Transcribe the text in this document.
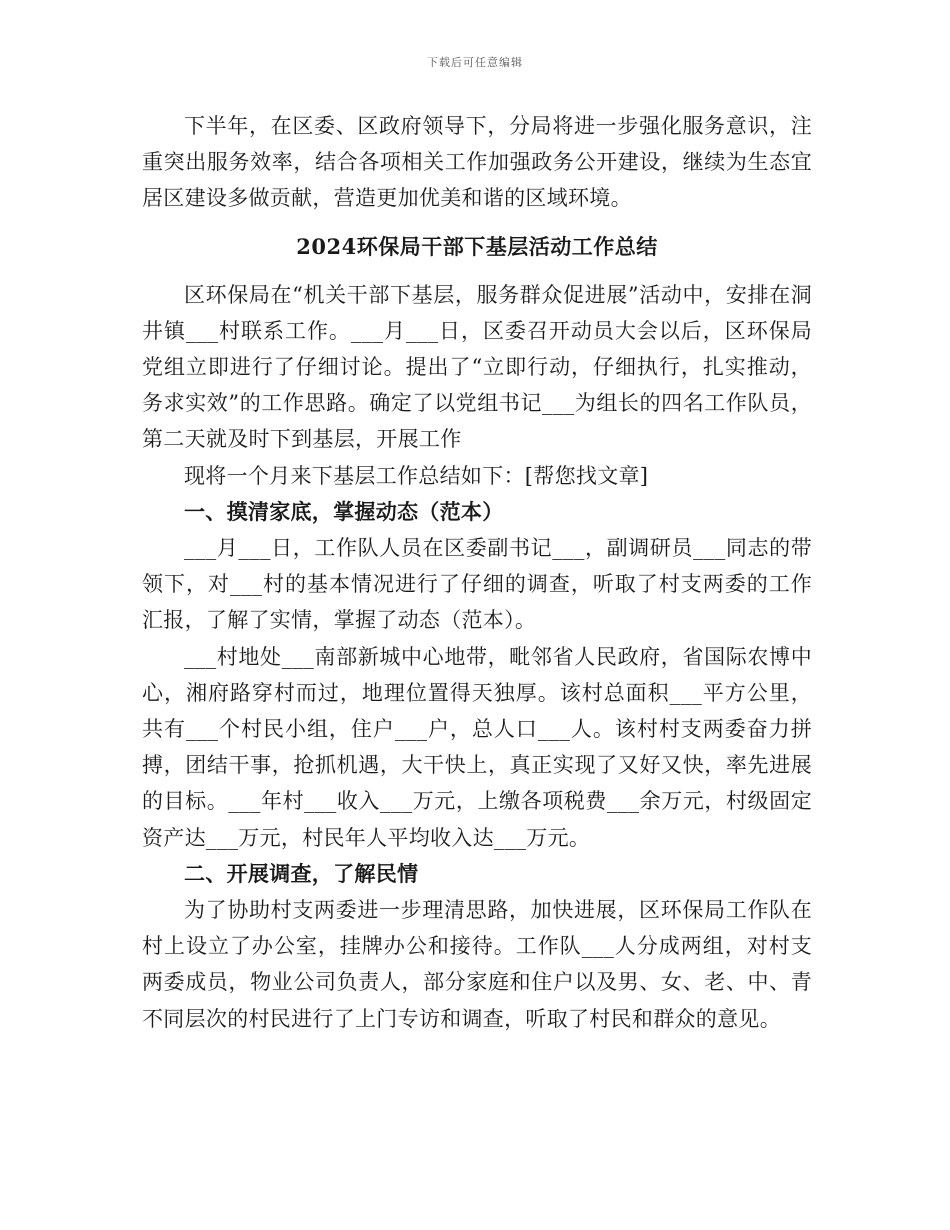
下载后可任意编辑

下半年，在区委、区政府领导下，分局将进一步强化服务意识，注重突出服务效率，结合各项相关工作加强政务公开建设，继续为生态宜居区建设多做贡献，营造更加优美和谐的区域环境。

2024环保局干部下基层活动工作总结

区环保局在“机关干部下基层，服务群众促进展”活动中，安排在洞井镇___村联系工作。___月___日，区委召开动员大会以后，区环保局党组立即进行了仔细讨论。提出了“立即行动，仔细执行，扎实推动，务求实效”的工作思路。确定了以党组书记___为组长的四名工作队员，第二天就及时下到基层，开展工作

现将一个月来下基层工作总结如下：[帮您找文章]

一、摸清家底，掌握动态（范本）

___月___日，工作队人员在区委副书记___，副调研员___同志的带领下，对___村的基本情况进行了仔细的调查，听取了村支两委的工作汇报，了解了实情，掌握了动态（范本）。

___村地处___南部新城中心地带，毗邻省人民政府，省国际农博中心，湘府路穿村而过，地理位置得天独厚。该村总面积___平方公里，共有___个村民小组，住户___户，总人口___人。该村村支两委奋力拼搏，团结干事，抢抓机遇，大干快上，真正实现了又好又快，率先进展的目标。___年村___收入___万元，上缴各项税费___余万元，村级固定资产达___万元，村民年人平均收入达___万元。

二、开展调查，了解民情

为了协助村支两委进一步理清思路，加快进展，区环保局工作队在村上设立了办公室，挂牌办公和接待。工作队___人分成两组，对村支两委成员，物业公司负责人，部分家庭和住户以及男、女、老、中、青不同层次的村民进行了上门专访和调查，听取了村民和群众的意见。
